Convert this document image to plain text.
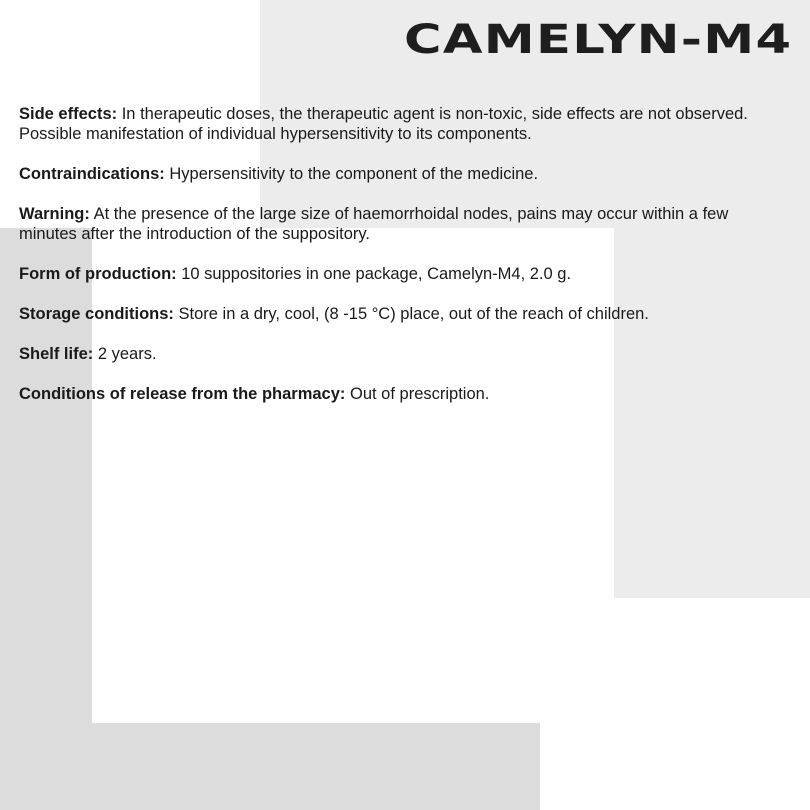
CAMELYN-M4

Side effects: In therapeutic doses, the therapeutic agent is non-toxic, side effects are not observed. Possible manifestation of individual hypersensitivity to its components.

Contraindications: Hypersensitivity to the component of the medicine.

Warning: At the presence of the large size of haemorrhoidal nodes, pains may occur within a few minutes after the introduction of the suppository.

Form of production: 10 suppositories in one package, Camelyn-M4, 2.0 g.

Storage conditions: Store in a dry, cool, (8 -15 °C) place, out of the reach of children.

Shelf life: 2 years.

Conditions of release from the pharmacy: Out of prescription.
